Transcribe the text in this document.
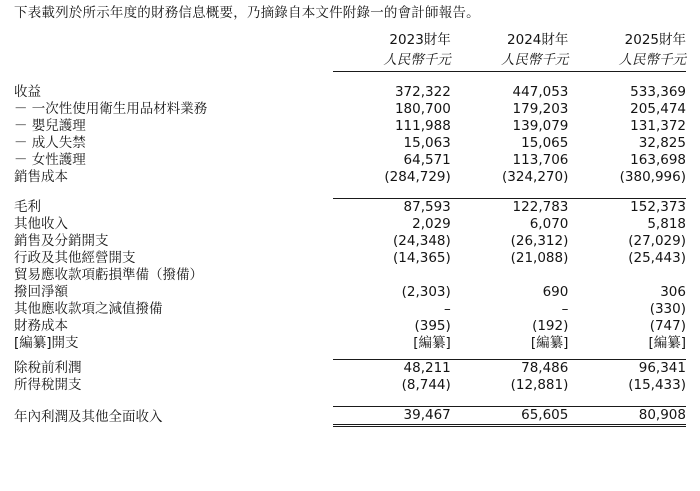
下表載列於所示年度的財務信息概要，乃摘錄自本文件附錄一的會計師報告。
	2023財年	2024財年	2025財年
	人民幣千元	人民幣千元	人民幣千元

收益	372,322	447,053	533,369
－ 一次性使用衛生用品材料業務	180,700	179,203	205,474
－ 嬰兒護理	111,988	139,079	131,372
－ 成人失禁	15,063	15,065	32,825
－ 女性護理	64,571	113,706	163,698
銷售成本	(284,729)	(324,270)	(380,996)

毛利	87,593	122,783	152,373
其他收入	2,029	6,070	5,818
銷售及分銷開支	(24,348)	(26,312)	(27,029)
行政及其他經營開支	(14,365)	(21,088)	(25,443)
貿易應收款項虧損準備（撥備）			
撥回淨額	(2,303)	690	306
其他應收款項之減值撥備	–	–	(330)
財務成本	(395)	(192)	(747)
[編纂]開支	[編纂]	[編纂]	[編纂]

除稅前利潤	48,211	78,486	96,341
所得稅開支	(8,744)	(12,881)	(15,433)

年內利潤及其他全面收入	39,467	65,605	80,908
